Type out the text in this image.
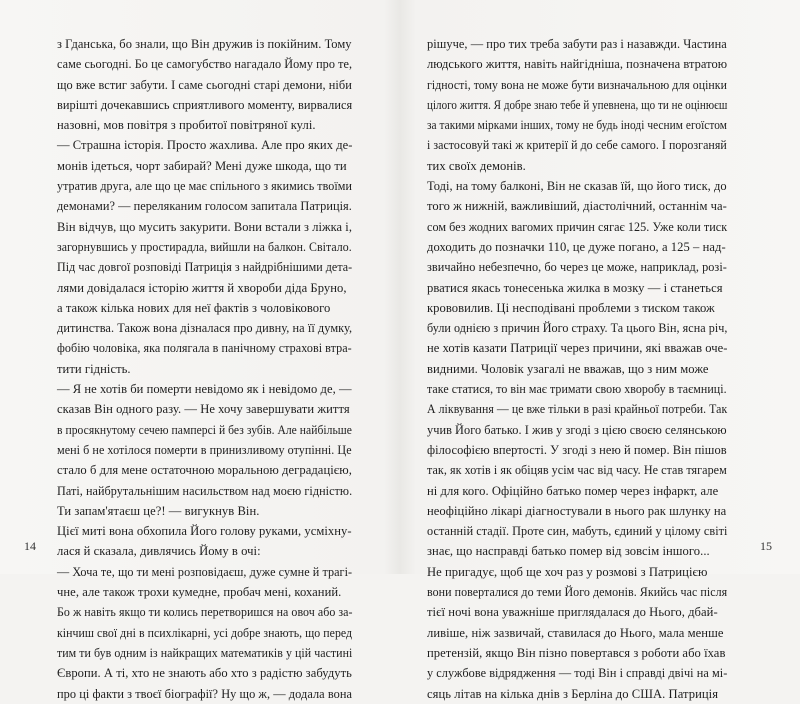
з Гданська, бо знали, що Він дружив із покійним. Тому
саме сьогодні. Бо це самогубство нагадало Йому про те,
що вже встиг забути. І саме сьогодні старі демони, ніби
вирішті дочекавшись сприятливого моменту, вирвалися
назовні, мов повітря з пробитої повітряної кулі.
— Страшна історія. Просто жахлива. Але про яких де-
монів ідеться, чорт забирай? Мені дуже шкода, що ти
утратив друга, але що це має спільного з якимись твоїми
демонами? — переляканим голосом запитала Патриція.
Він відчув, що мусить закурити. Вони встали з ліжка і,
загорнувшись у простирадла, вийшли на балкон. Світало.
Під час довгої розповіді Патриція з найдрібнішими дета-
лями довідалася історію життя й хвороби діда Бруно,
а також кілька нових для неї фактів з чоловікового
дитинства. Також вона дізналася про дивну, на її думку,
фобію чоловіка, яка полягала в панічному страхові втра-
тити гідність.
— Я не хотів би померти невідомо як і невідомо де, —
сказав Він одного разу. — Не хочу завершувати життя
в просякнутому сечею памперсі й без зубів. Але найбільше
мені б не хотілося померти в принизливому отупінні. Це
стало б для мене остаточною моральною деградацією,
Паті, найбрутальнішим насильством над моєю гідністю.
Ти запам'ятаєш це?! — вигукнув Він.
Цієї миті вона обхопила Його голову руками, усміхну-
лася й сказала, дивлячись Йому в очі:
— Хоча те, що ти мені розповідаєш, дуже сумне й трагі-
чне, але також трохи кумедне, пробач мені, коханий.
Бо ж навіть якщо ти колись перетворишся на овоч або за-
кінчиш свої дні в психлікарні, усі добре знають, що перед
тим ти був одним із найкращих математиків у цій частині
Європи. А ті, хто не знають або хто з радістю забудуть
про ці факти з твоєї біографії? Ну що ж, — додала вона
рішуче, — про тих треба забути раз і назавжди. Частина
людського життя, навіть найгідніша, позначена втратою
гідності, тому вона не може бути визначальною для оцінки
цілого життя. Я добре знаю тебе й упевнена, що ти не оцінюєш
за такими мірками інших, тому не будь іноді чесним егоїстом
і застосовуй такі ж критерії й до себе самого. І порозганяй
тих своїх демонів.
Тоді, на тому балконі, Він не сказав їй, що його тиск, до
того ж нижній, важливіший, діастолічний, останнім ча-
сом без жодних вагомих причин сягає 125. Уже коли тиск
доходить до позначки 110, це дуже погано, а 125 – над-
звичайно небезпечно, бо через це може, наприклад, розі-
рватися якась тонесенька жилка в мозку — і станеться
крововилив. Ці несподівані проблеми з тиском також
були однією з причин Його страху. Та цього Він, ясна річ,
не хотів казати Патриції через причини, які вважав оче-
видними. Чоловік узагалі не вважав, що з ним може
таке статися, то він має тримати свою хворобу в таємниці.
А ліквування — це вже тільки в разі крайньої потреби. Так
учив Його батько. І жив у згоді з цією своєю селянською
філософією впертості. У згоді з нею й помер. Він пішов
так, як хотів і як обіцяв усім час від часу. Не став тягарем
ні для кого. Офіційно батько помер через інфаркт, але
неофіційно лікарі діагностували в нього рак шлунку на
останній стадії. Проте син, мабуть, єдиний у цілому світі
знає, що насправді батько помер від зовсім іншого...
Не пригадує, щоб ще хоч раз у розмові з Патрицією
вони поверталися до теми Його демонів. Якийсь час після
тієї ночі вона уважніше приглядалася до Нього, дбай-
ливіше, ніж зазвичай, ставилася до Нього, мала менше
претензій, якщо Він пізно повертався з роботи або їхав
у службове відрядження — тоді Він і справді двічі на мі-
сяць літав на кілька днів з Берліна до США. Патриція
14	15
